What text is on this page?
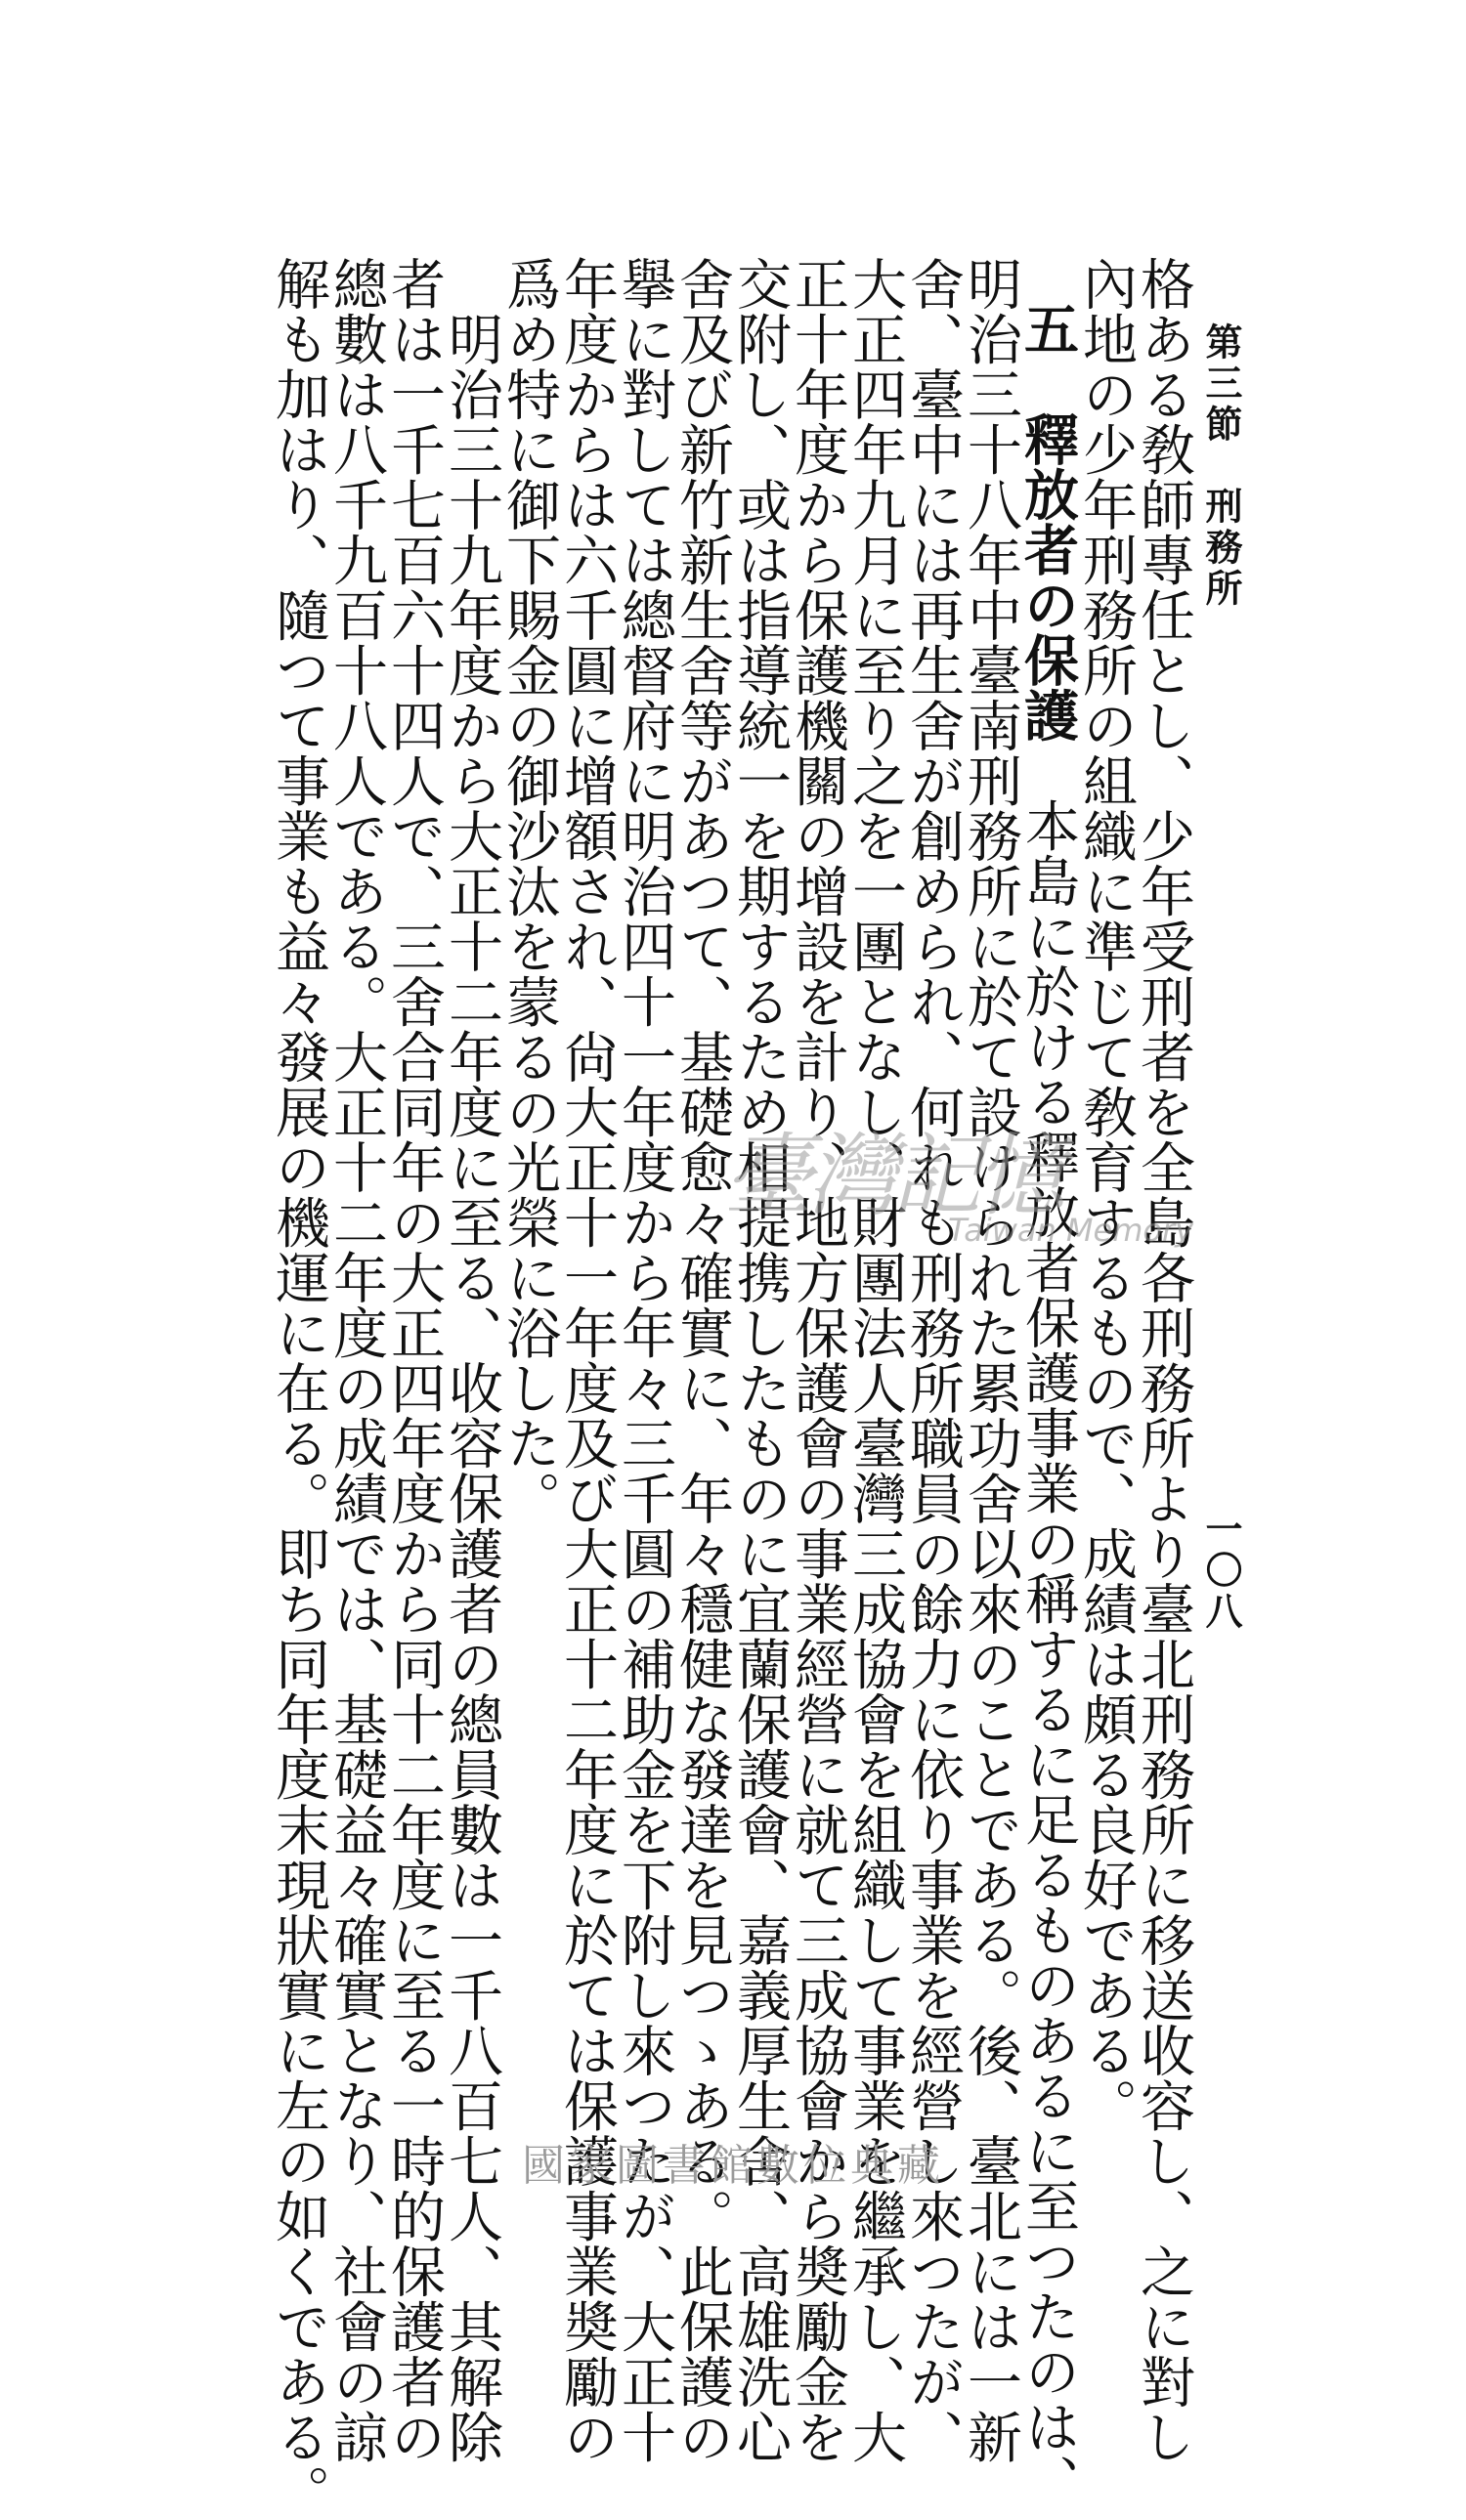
第三節　刑務所
一〇八
格ある敎師專任とし、少年受刑者を全島各刑務所より臺北刑務所に移送收容し、之に對し
內地の少年刑務所の組織に準じて敎育するもので、成績は頗る良好である。
五　釋放者の保護　本島に於ける釋放者保護事業の稱するに足るものあるに至つたのは、
明治三十八年中臺南刑務所に於て設けられた累功舍以來のことである。後、臺北には一新
舍、臺中には再生舍が創められ、何れも刑務所職員の餘力に依り事業を經營し來つたが、
大正四年九月に至り之を一團となし、財團法人臺灣三成協會を組織して事業を繼承し、大
正十年度から保護機關の增設を計り、地方保護會の事業經營に就て三成協會から奬勵金を
交附し、或は指導統一を期するため相提携したものに宜蘭保護會、嘉義厚生舍、高雄洗心
舍及び新竹新生舍等があつて、基礎愈々確實に、年々穩健な發達を見つゝある。此保護の
擧に對しては總督府に明治四十一年度から年々三千圓の補助金を下附し來つたが、大正十
年度からは六千圓に增額され、尙大正十一年度及び大正十二年度に於ては保護事業奬勵の
爲め特に御下賜金の御沙汰を蒙るの光榮に浴した。
　明治三十九年度から大正十二年度に至る、收容保護者の總員數は一千八百七人、其解除
者は一千七百六十四人で、三舍合同年の大正四年度から同十二年度に至る一時的保護者の
總數は八千九百十八人である。大正十二年度の成績では、基礎益々確實となり、社會の諒
解も加はり、隨つて事業も益々發展の機運に在る。即ち同年度末現狀實に左の如くである。	臺灣記憶
Taiwan Memory
國家圖書館數位典藏
